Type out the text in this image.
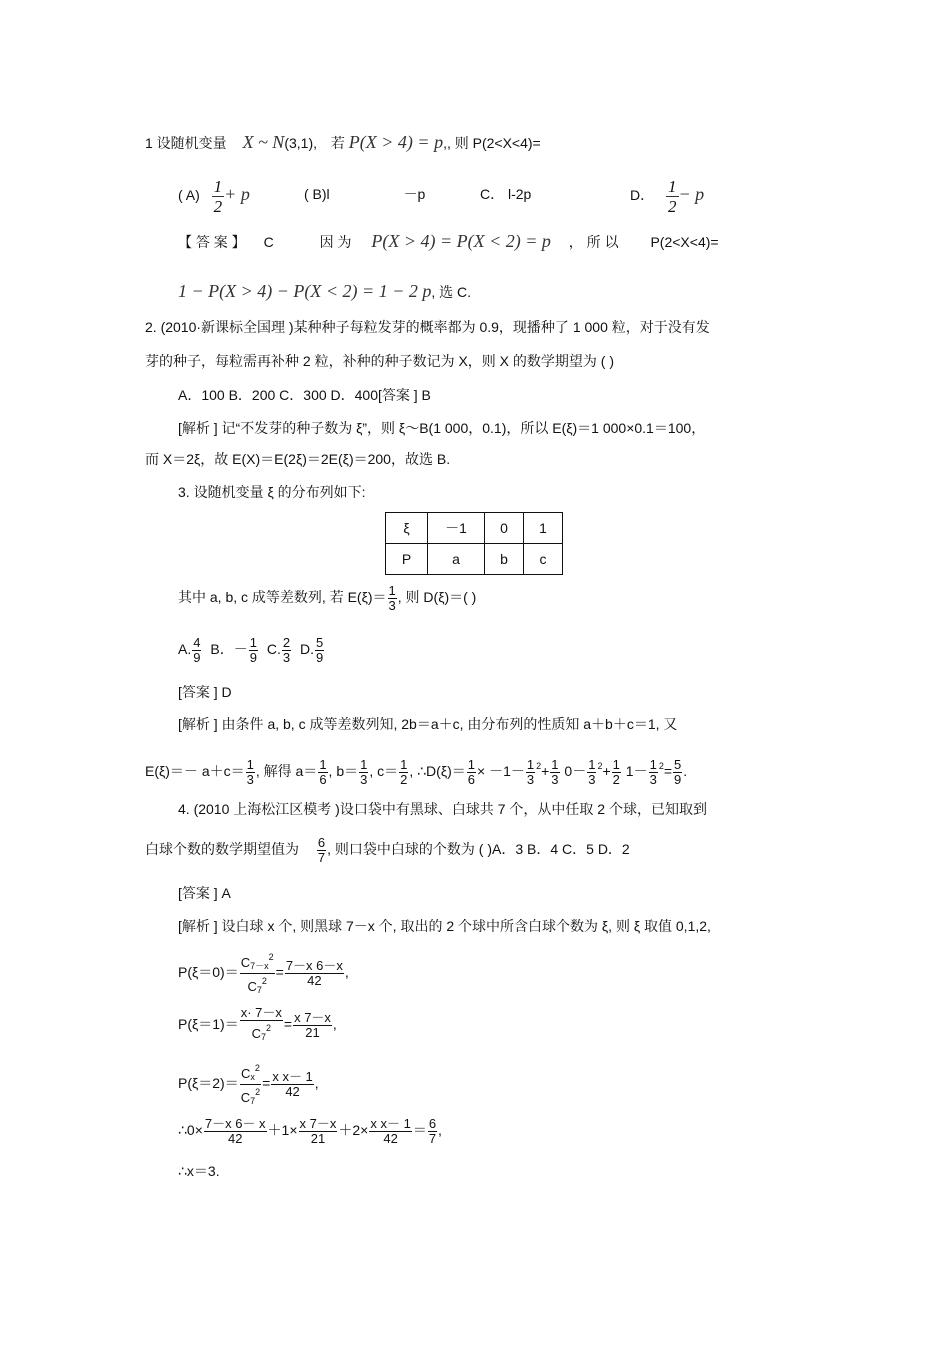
1 设随机变量 X ~ N(3,1), 若 P(X > 4) = p,, 则 P(2<X<4)=
( $A) \frac{1}{2} + p$	( B)l	－p	C． l-2p	D． $\frac{1}{2} - p$
【 答 案 】 C	因 为 P(X > 4) = P(X < 2) = p ， 所 以 P(2<X<4)=
1 − P(X > 4) − P(X < 2) = 1 − 2 p, 选 C.
2. (2010·新课标全国理 )某种种子每粒发芽的概率都为 0.9，现播种了 1 000 粒，对于没有发
芽的种子，每粒需再补种 2 粒，补种的种子数记为 X，则 X 的数学期望为 ( )
A．100 B．200 C．300 D．400[答案 ] B
[解析 ] 记“不发芽的种子数为 ξ”，则 ξ～B(1 000，0.1)，所以 E(ξ)＝1 000×0.1＝100，
而 X＝2ξ，故 E(X)＝E(2ξ)＝2E(ξ)＝200，故选 B.
3. 设随机变量 ξ 的分布列如下:
ξ	－1	0	1
P	a	b	c
其中 a, b, c 成等差数列, 若 $E(\xi)= \frac{1}{3}$ , 则 D(ξ)＝( )
A. $\frac{4}{9}$ B．－ $\frac{1}{9} C$. $\frac{2}{3} D$. $\frac{5}{9}$
[答案 ] D
[解析 ] 由条件 a, b, c 成等差数列知, 2b＝a＋c, 由分布列的性质知 a＋b＋c＝1, 又
$E(\xi)=- a+c= \frac{1}{3}$ , 解得 $a= \frac{1}{6}$ , $b= \frac{1}{3}$ , $c= \frac{1}{2}$ , ∴D(ξ)＝ $\frac{1}{6} \times -1- \frac{1}{3} ^2+ \frac{1}{3} 0- \frac{1}{3} ^2+ \frac{1}{2} 1- \frac{1}{3} ^2= \frac{5}{9}$ .
4. (2010 上海松江区模考 )设口袋中有黑球、白球共 7 个，从中任取 2 个球，已知取到
白球个数的数学期望值为 $\frac{6}{7}$ , 则口袋中白球的个数为 ( )A．3 B．4 C．5 D．2
[答案 ] A
[解析 ] 设白球 x 个, 则黑球 7－x 个, 取出的 2 个球中所含白球个数为 ξ, 则 ξ 取值 0,1,2,
$P(\xi=0)= \frac{C_{7-x}^2}{C_7^2} = \frac{7-x 6-x}{42}$ ,
$P(\xi=1)= \frac{x\cdot 7-x}{C_7^2} = \frac{x 7-x}{21}$ ,
$P(\xi=2)= \frac{C_x^2}{C_7^2} = \frac{\text{x x－ 1}}{42}$ ,
∴0× $\frac{7-x 6- x}{42} +1\times \frac{x 7-x}{21} +2\times \frac{\text{x x－ 1}}{42} = \frac{6}{7}$ ,
∴x＝3.
